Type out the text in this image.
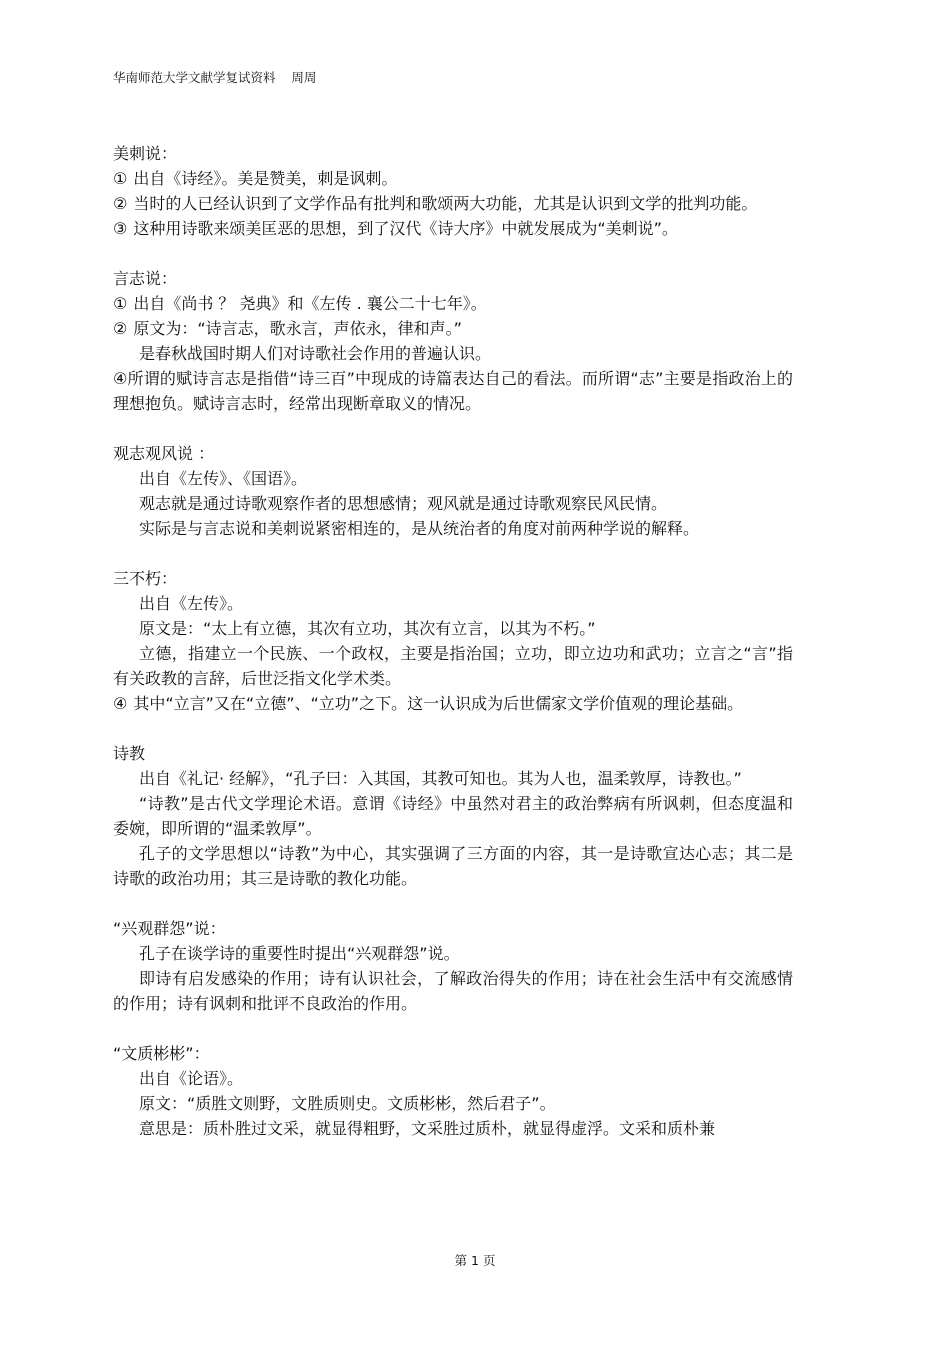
华南师范大学文献学复试资料    周周

美刺说：

① 出自《诗经》。美是赞美，刺是讽刺。

② 当时的人已经认识到了文学作品有批判和歌颂两大功能，尤其是认识到文学的批判功能。

③ 这种用诗歌来颂美匡恶的思想，到了汉代《诗大序》中就发展成为“美刺说”。

言志说：

① 出自《尚书 ？ 尧典》和《左传 . 襄公二十七年》。

② 原文为：“诗言志，歌永言，声依永，律和声。”

是春秋战国时期人们对诗歌社会作用的普遍认识。

④所谓的赋诗言志是指借“诗三百”中现成的诗篇表达自己的看法。而所谓“志”主要是指政治上的理想抱负。赋诗言志时，经常出现断章取义的情况。

观志观风说 ：

出自《左传》、《国语》。

观志就是通过诗歌观察作者的思想感情；观风就是通过诗歌观察民风民情。

实际是与言志说和美刺说紧密相连的，是从统治者的角度对前两种学说的解释。

三不朽：

出自《左传》。

原文是：“太上有立德，其次有立功，其次有立言，以其为不朽。”

立德，指建立一个民族、一个政权，主要是指治国；立功，即立边功和武功；立言之“言”指有关政教的言辞，后世泛指文化学术类。

④ 其中“立言”又在“立德”、“立功”之下。这一认识成为后世儒家文学价值观的理论基础。

诗教

出自《礼记· 经解》，“孔子曰：入其国，其教可知也。其为人也，温柔敦厚，诗教也。”

“诗教”是古代文学理论术语。意谓《诗经》中虽然对君主的政治弊病有所讽刺，但态度温和委婉，即所谓的“温柔敦厚”。

孔子的文学思想以“诗教”为中心，其实强调了三方面的内容，其一是诗歌宣达心志；其二是诗歌的政治功用；其三是诗歌的教化功能。

“兴观群怨”说：

孔子在谈学诗的重要性时提出“兴观群怨”说。

即诗有启发感染的作用；诗有认识社会，了解政治得失的作用；诗在社会生活中有交流感情的作用；诗有讽刺和批评不良政治的作用。

“文质彬彬”：

出自《论语》。

原文：“质胜文则野，文胜质则史。文质彬彬，然后君子”。

意思是：质朴胜过文采，就显得粗野，文采胜过质朴，就显得虚浮。文采和质朴兼

第 1 页
